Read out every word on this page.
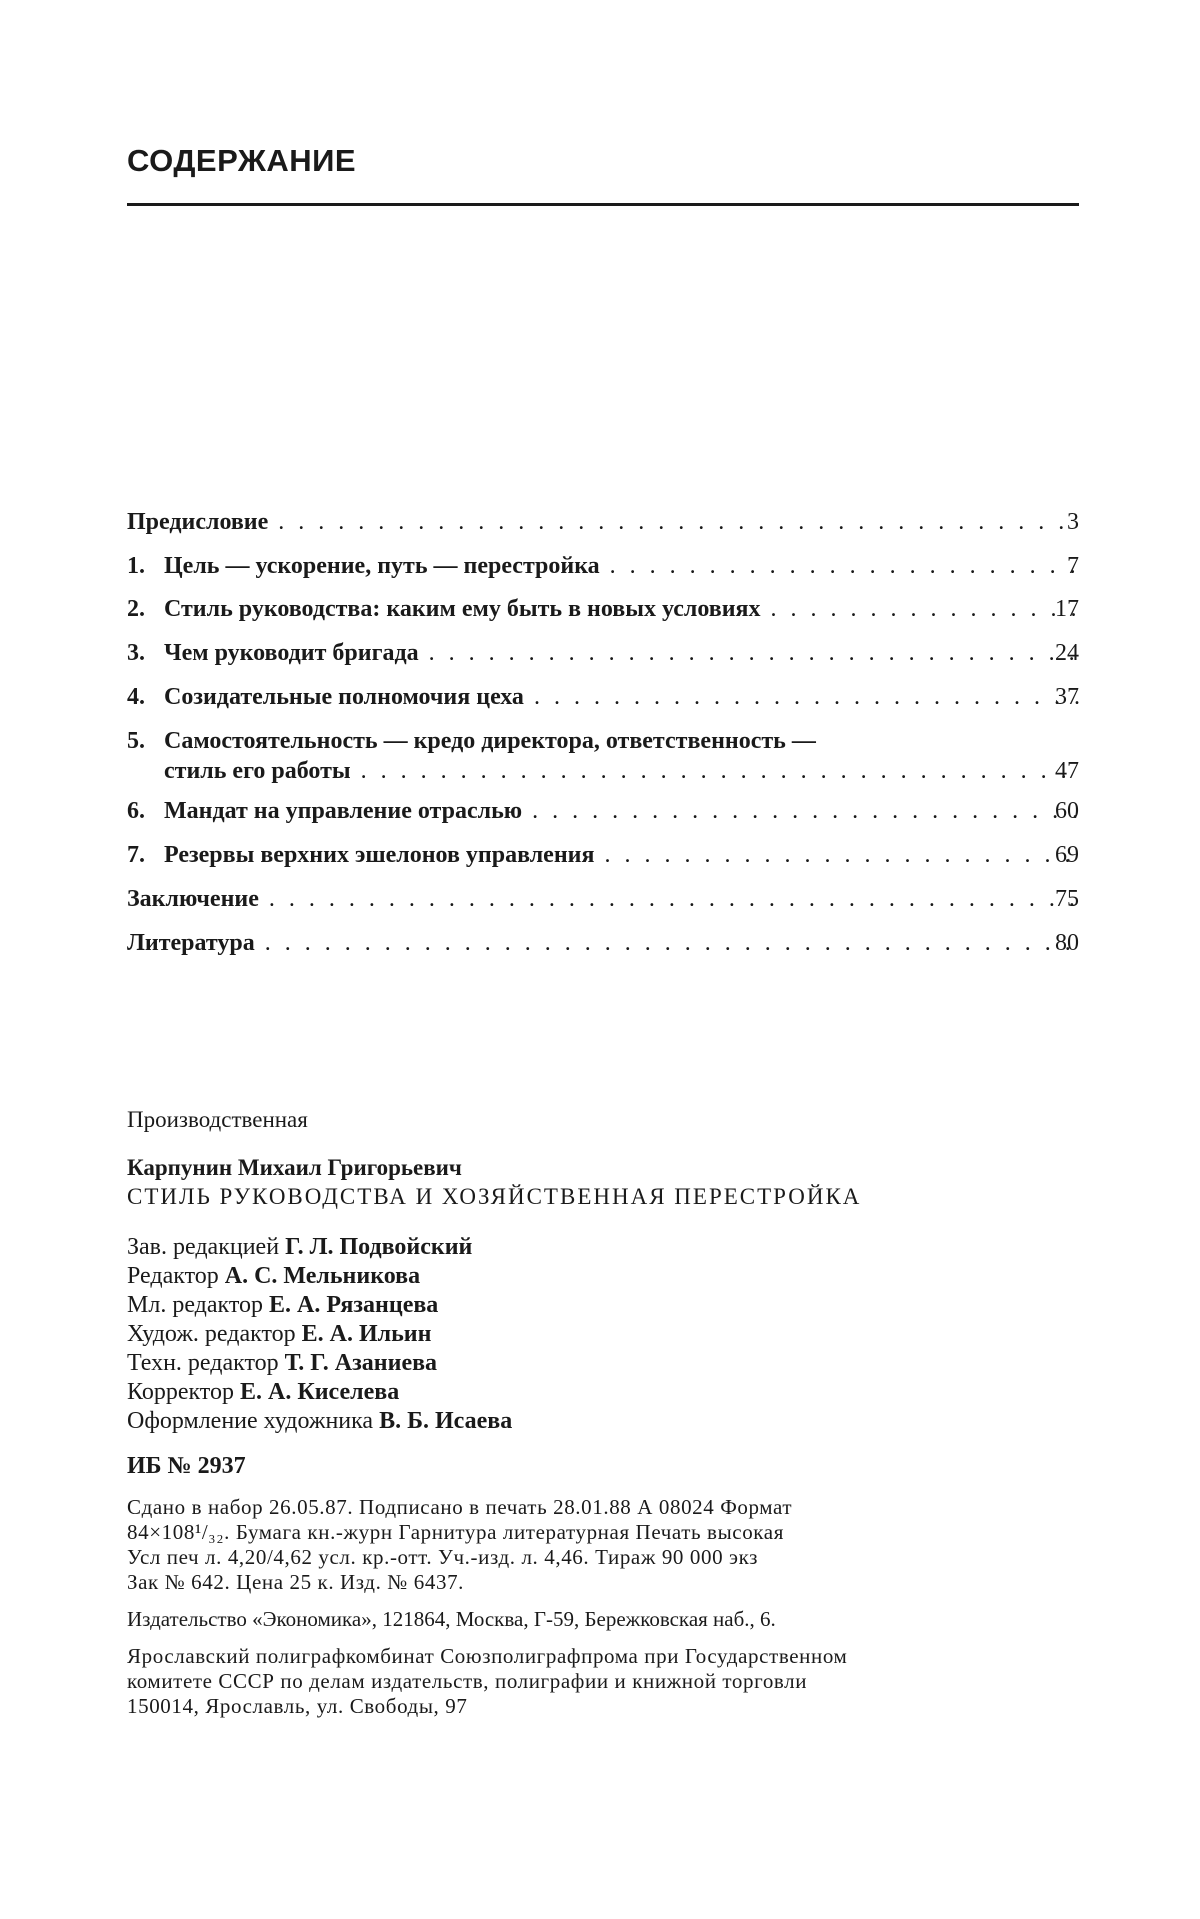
СОДЕРЖАНИЕ
Предисловие . . .	3
1. Цель — ускорение, путь — перестройка . . .	7
2. Стиль руководства: каким ему быть в новых условиях . . .	17
3. Чем руководит бригада . . .	24
4. Созидательные полномочия цеха . . .	37
5. Самостоятельность — кредо директора, ответственность —
стиль его работы . . .	47
6. Мандат на управление отраслью . . .	60
7. Резервы верхних эшелонов управления . . .	69
Заключение . . .	75
Литература . . .	80
Производственная
Карпунин Михаил Григорьевич
СТИЛЬ РУКОВОДСТВА И ХОЗЯЙСТВЕННАЯ ПЕРЕСТРОЙКА
Зав. редакцией Г. Л. Подвойский
Редактор А. С. Мельникова
Мл. редактор Е. А. Рязанцева
Худож. редактор Е. А. Ильин
Техн. редактор Т. Г. Азаниева
Корректор Е. А. Киселева
Оформление художника В. Б. Исаева
ИБ № 2937
Сдано в набор 26.05.87. Подписано в печать 28.01.88 А 08024 Формат
84×108¹/₃₂. Бумага кн.-журн Гарнитура литературная Печать высокая
Усл печ л. 4,20/4,62 усл. кр.-отт. Уч.-изд. л. 4,46. Тираж 90 000 экз
Зак № 642. Цена 25 к. Изд. № 6437.
Издательство «Экономика», 121864, Москва, Г-59, Бережковская наб., 6.
Ярославский полиграфкомбинат Союзполиграфпрома при Государственном
комитете СССР по делам издательств, полиграфии и книжной торговли
150014, Ярославль, ул. Свободы, 97
